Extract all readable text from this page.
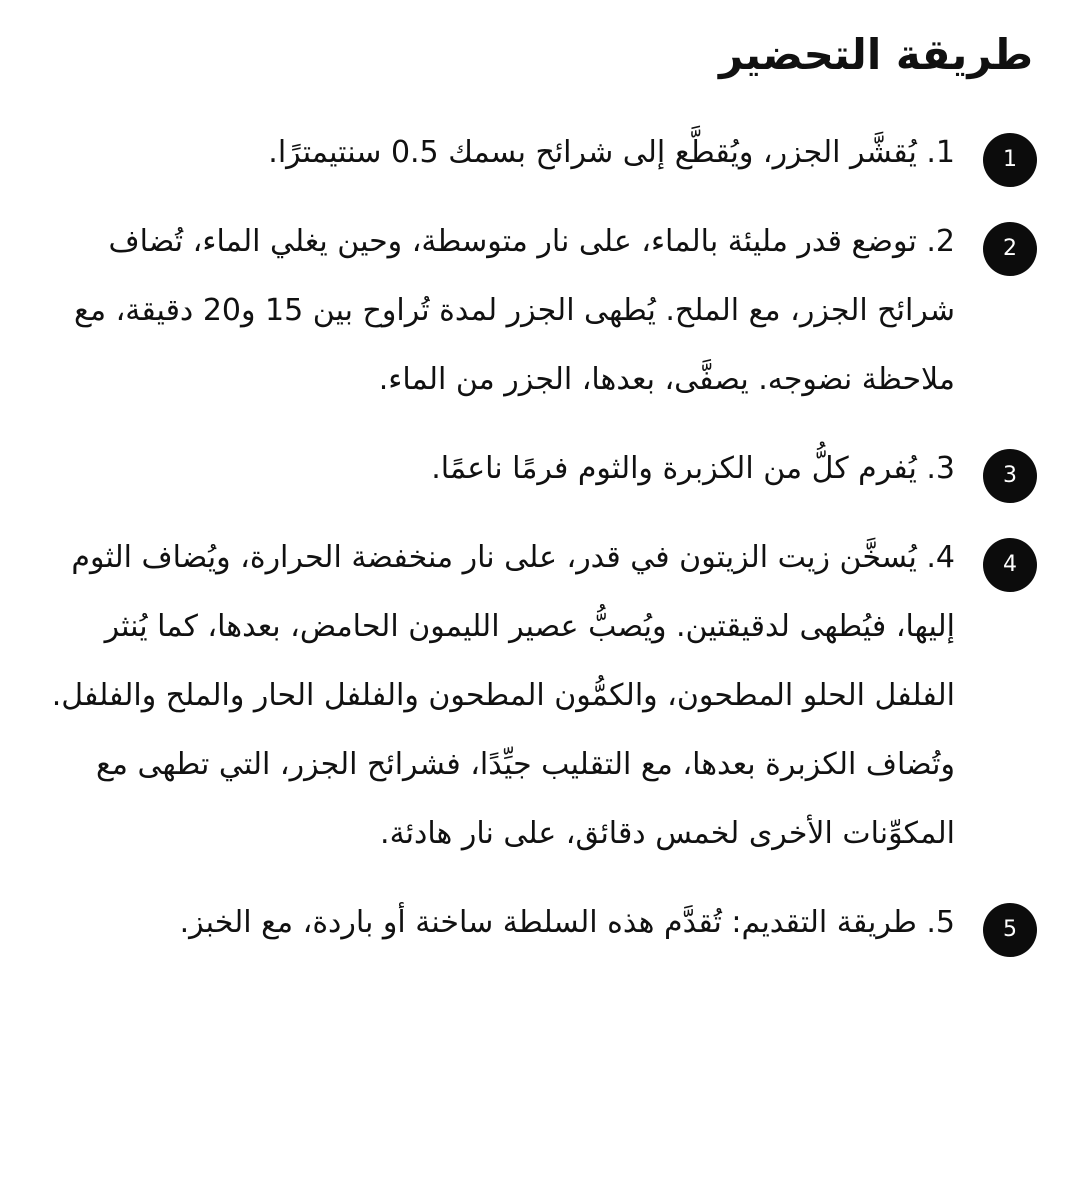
طريقة التحضير
1
1. يُقشَّر الجزر، ويُقطَّع إلى شرائح بسمك 0.5 سنتيمترًا.
2
2. توضع قدر مليئة بالماء، على نار متوسطة، وحين يغلي الماء، تُضاف شرائح الجزر، مع الملح. يُطهى الجزر لمدة تُراوح بين 15 و20 دقيقة، مع ملاحظة نضوجه. يصفَّى، بعدها، الجزر من الماء.
3
3. يُفرم كلُّ من الكزبرة والثوم فرمًا ناعمًا.
4
4. يُسخَّن زيت الزيتون في قدر، على نار منخفضة الحرارة، ويُضاف الثوم إليها، فيُطهى لدقيقتين. ويُصبُّ عصير الليمون الحامض، بعدها، كما يُنثر الفلفل الحلو المطحون، والكمُّون المطحون والفلفل الحار والملح والفلفل. وتُضاف الكزبرة بعدها، مع التقليب جيِّدًا، فشرائح الجزر، التي تطهى مع المكوِّنات الأخرى لخمس دقائق، على نار هادئة.
5
5. طريقة التقديم: تُقدَّم هذه السلطة ساخنة أو باردة، مع الخبز.
